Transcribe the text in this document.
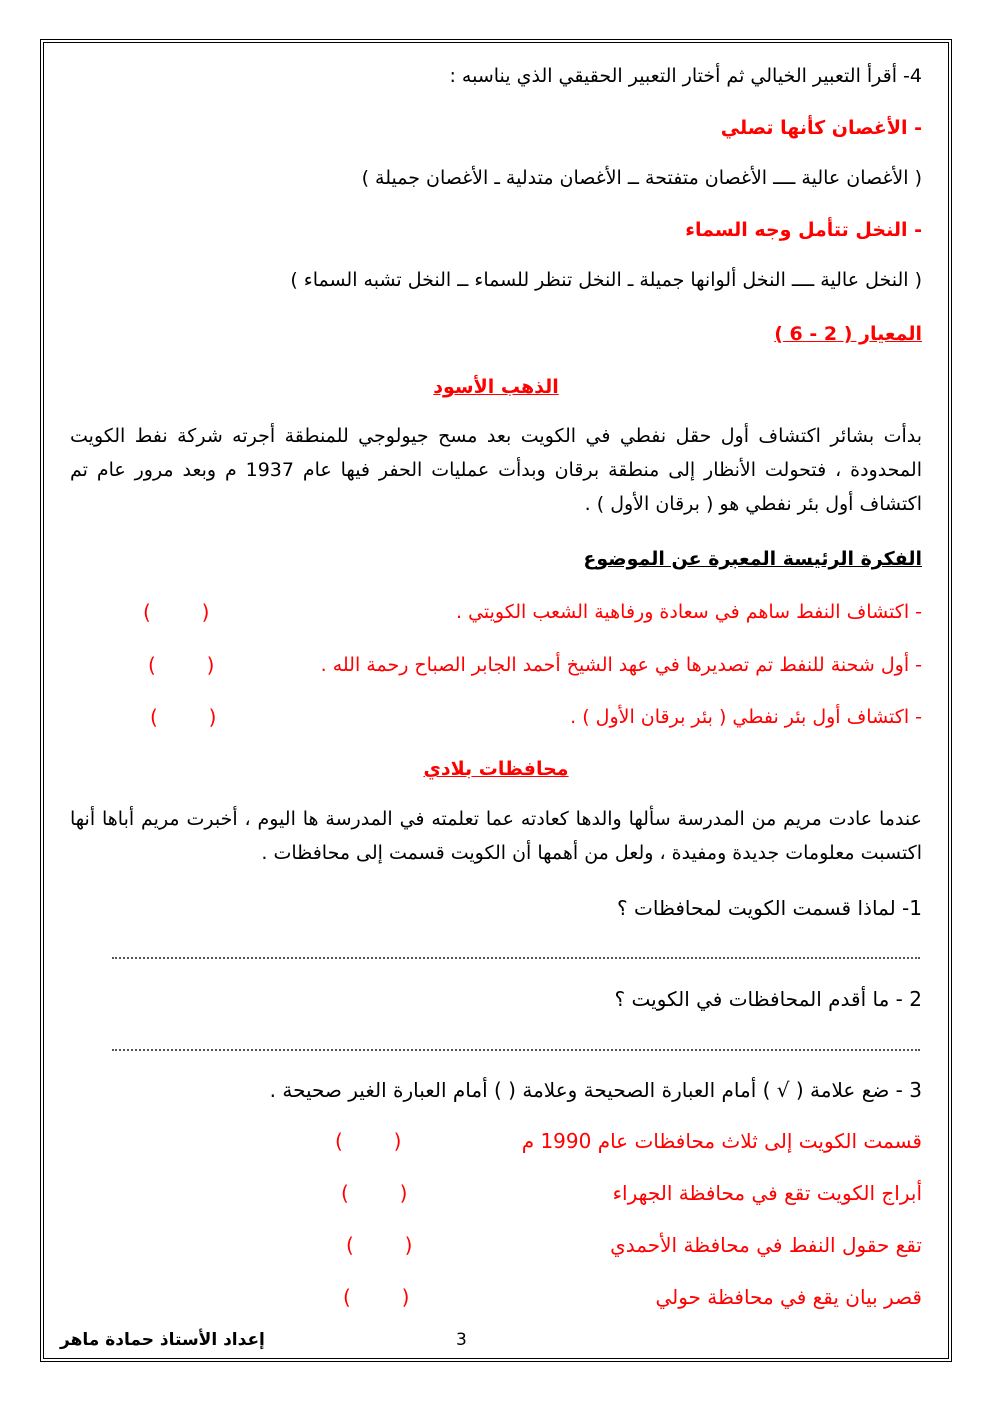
4- أقرأ التعبير الخيالي ثم أختار التعبير الحقيقي الذي يناسبه :
- الأغصان كأنها تصلي
( الأغصان عالية ــــ الأغصان متفتحة ــ الأغصان متدلية ـ الأغصان جميلة )
- النخل تتأمل وجه السماء
( النخل عالية ــــ النخل ألوانها جميلة ـ النخل تنظر للسماء ــ النخل تشبه السماء )
المعيار ( 2 - 6 )
الذهب الأسود
بدأت بشائر اكتشاف أول حقل نفطي في الكويت بعد مسح جيولوجي للمنطقة أجرته شركة نفط الكويت المحدودة ، فتحولت الأنظار إلى منطقة برقان وبدأت عمليات الحفر فيها عام 1937 م وبعد مرور عام تم اكتشاف أول بئر نفطي هو ( برقان الأول ) .
الفكرة الرئيسة المعبرة عن الموضوع
- اكتشاف النفط ساهم في سعادة ورفاهية الشعب الكويتي .
(        )
- أول شحنة للنفط تم تصديرها في عهد الشيخ أحمد الجابر الصباح رحمة الله .
(        )
- اكتشاف أول بئر نفطي ( بئر برقان الأول ) .
(        )
محافظات بلادي
عندما عادت مريم من المدرسة سألها والدها كعادته عما تعلمته في المدرسة ها اليوم ، أخبرت مريم أباها أنها اكتسبت معلومات جديدة ومفيدة ، ولعل من أهمها أن الكويت قسمت إلى محافظات .
1- لماذا قسمت الكويت لمحافظات ؟
2 - ما أقدم المحافظات في الكويت ؟
3 - ضع علامة ( √ ) أمام العبارة الصحيحة وعلامة ( ) أمام العبارة الغير صحيحة .
قسمت الكويت إلى ثلاث محافظات عام 1990 م
(        )
أبراج الكويت تقع في محافظة الجهراء
(        )
تقع حقول النفط في محافظة الأحمدي
(        )
قصر بيان يقع في محافظة حولي
(        )
3
إعداد الأستاذ حمادة ماهر
